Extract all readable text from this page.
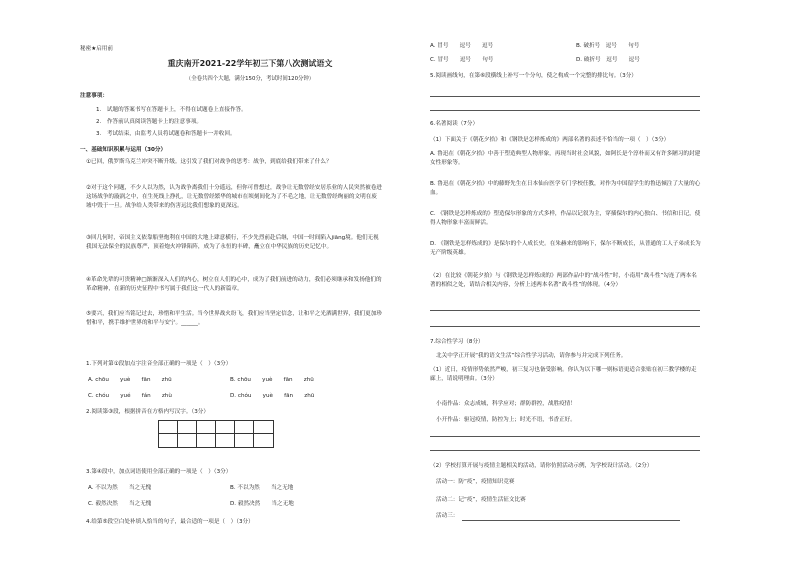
秘密★启用前
重庆南开2021-22学年初三下第八次测试语文
（全卷共四个大题，满分150分，考试时间120分钟）
注意事项：
1.　试题的答案书写在答题卡上，不得在试题卷上直接作答。
2.　作答前认真阅读答题卡上的注意事项。
3.　考试结束，由监考人员将试题卷和答题卡一并收回。
一、基础知识积累与运用（30分）
①已回，俄罗斯乌克兰冲突不断升级。这引发了我们对战争的思考：战争，到底给我们带来了什么？
②对于这个问题，不少人以为然，认为战争离我们十分遥远，但你可曾想过，战争让无数曾经安居乐业的人民突然被卷进这场战争的漩涡之中，在生死线上挣扎，让无数曾经繁华的城市在顷刻间化为了不毛之地，让无数曾经绚丽的文明在废墟中毁于一旦。战争给人类带来的伤害远比我们想象的更深远。
③回几何时，帝国主义依靠船坚炮利在中国的大地上肆意横行，不少先烈前赴后继，中国一时间陷入jiāng境。他们无视我国无法保全的民族尊严，顶着炮火冲锋陷阵，成为了永恒的丰碑，矗立在中华民族的历史记忆中。
④革命先辈的可贵精神□渐渐深入人们的内心，树立在人们的心中，成为了我们前进的动力，我们必须继承和发扬他们的革命精神，在新的历史征程中书写属于我们这一代人的新篇章。
⑤要兴，我们应当铭记过去，珍惜和平生活。当今世界战火纷飞，我们应当坚定信念，让和平之光洒满世界，我们更加珍惜和平，携手维护世界的和平与安宁。______。
1.下列对第①段加点字注音全部正确的一项是（　）（3分）
A. chōu　　yuè　　fān　　zhū	B. chōu　　yuè　　fān　　zhū
C. chóu　　yué　　fán　　zhù	D. chóu　　yuè　　fān　　zhū
2.阅读第③段，根据拼音在方格内写汉字。（3分）
3.第④段中，加点词语使用全部正确的一项是（　）（3分）
A. 不以为然　　当之无愧	B. 不以为然　　当之无地
C. 毅然决然　　当之无愧	D. 毅然决然　　当之无地
4.给第⑤段空白处补填入恰当的句子，最合适的一项是（　）（3分）
A. 冒号　　逗号　　逗号	B. 破折号　逗号　　句号
C. 冒号　　逗号　　句号	D. 破折号　逗号　　逗号
5.阅读画线句，在第⑥段横线上补写一个分句，使之构成一个完整的排比句。（3分）
6.名著阅读（7分）
（1）下面关于《朝花夕拾》和《钢铁是怎样炼成的》两部名著的表述不恰当的一项（　）（3分）
A. 鲁迅在《朝花夕拾》中善于塑造典型人物形象，再现当时社会风貌，如阿长是个淳朴而又有许多陋习的封建女性形象等。
B. 鲁迅在《朝花夕拾》中的藤野先生在日本仙台医学专门学校任教，对作为中国留学生的鲁迅倾注了大量的心血。
C. 《钢铁是怎样炼成的》塑造保尔形象的方式多样，作品以记叙为主，穿插保尔的内心独白、书信和日记，使得人物形象丰富而鲜活。
D. 《钢铁是怎样炼成的》是保尔的个人成长史。在朱赫来的影响下，保尔不断成长，从普通的工人子弟成长为无产阶级英雄。
（2）在比较《朝花夕拾》与《钢铁是怎样炼成的》两部作品中的“战斗性”时，小南用“战斗性”勾连了两本名著的相似之处，请结合相关内容，分析上述两本名著“战斗性”的体现。（4分）
7.综合性学习（8分）
北关中学正开展“我的语文生活”综合性学习活动，请你参与并完成下列任务。
（1）近日，疫情形势依然严峻，初三复习也备受影响。你认为以下哪一则标语更适合张贴在初三教学楼的走廊上，请说明理由。（3分）
小南作品：众志成城，科学应对；群防群控，战胜疫情！
小开作品：驱冠疫情，防控为上；时光不语，书香正好。
（2）学校打算开展与疫情主题相关的活动，请你仿照活动示例，为学校设计活动。（2分）
活动一：防“疫”，疫情知识竞赛
活动二：记“疫”，疫情生活征文比赛
活动三：
